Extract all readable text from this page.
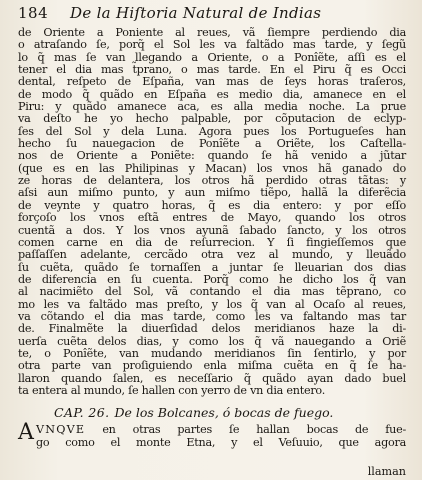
184	De la Hiſtoria Natural de Indias
de Oriente a Poniente al reues, vã ſiempre perdiendo dia
o atraſando ſe, porq̃ el Sol les va faltãdo mas tarde, y ſegũ
lo q̃ mas ſe van llegando a Oriente, o a Ponîẽte, aſſi es el
tener el dia mas t̃prano, o mas tarde. En el Piru q̃ es Occi
dental, reſpeto de Eſpaña, van mas de ſeys horas traſeros,
de modo q̃ quãdo en Eſpaña es medio dia, amanece en el
Piru: y quãdo amanece aca, es alla media noche. La prue
va deſto he yo hecho palpable, por cõputacion de eclyp-
ſes del Sol y dela Luna. Agora pues los Portugueſes han
hecho ſu nauegacion de Ponîẽte a Oriẽte, los Caſtella-
nos de Oriente a Poniẽte: quando ſe hã venido a jũtar
(que es en las Philipinas y Macan) los vnos hã ganado do
ze horas de delantera, los otros hã perdido otras tãtas: y
aſsi aun miſmo punto, y aun miſmo tiẽpo, hallã la diferẽcia
de veynte y quatro horas, q̃ es dia entero: y por eſſo
forçoſo los vnos eſtã entres de Mayo, quando los otros
cuentã a dos. Y los vnos ayunã ſabado ſancto, y los otros
comen carne en dia de reſurrecion. Y ſi fingieſſemos que
paſſaſſen adelante, cercãdo otra vez al mundo, y lleuãdo
ſu cuẽta, quãdo ſe tornaſſen a juntar ſe lleuarian dos dias
de diferencia en ſu cuenta. Porq̃ como he dicho los q̃ van
al nacimiẽto del Sol, vã contando el dia mas tẽprano, co
mo les va faltãdo mas preſto, y los q̃ van al Ocaſo al reues,
va cõtando el dia mas tarde, como les va faltando mas tar
de. Finalmẽte la diuerſidad delos meridianos haze la di-
uerſa cuẽta delos dias, y como los q̃ vã nauegando a Oriẽ
te, o Ponîẽte, van mudando meridianos ſin ſentirlo, y por
otra parte van proſiguiendo enla miſma cuẽta en q̃ ſe ha-
llaron quando ſalen, es neceſſario q̃ quãdo ayan dado buel
ta entera al mundo, ſe hallen con yerro de vn dia entero.
CAP. 26. De los Bolcanes, ó bocas de fuego.
A VNQVE en otras partes ſe hallan bocas de fue-
go como el monte Etna, y el Veſuuio, que agora
llaman
